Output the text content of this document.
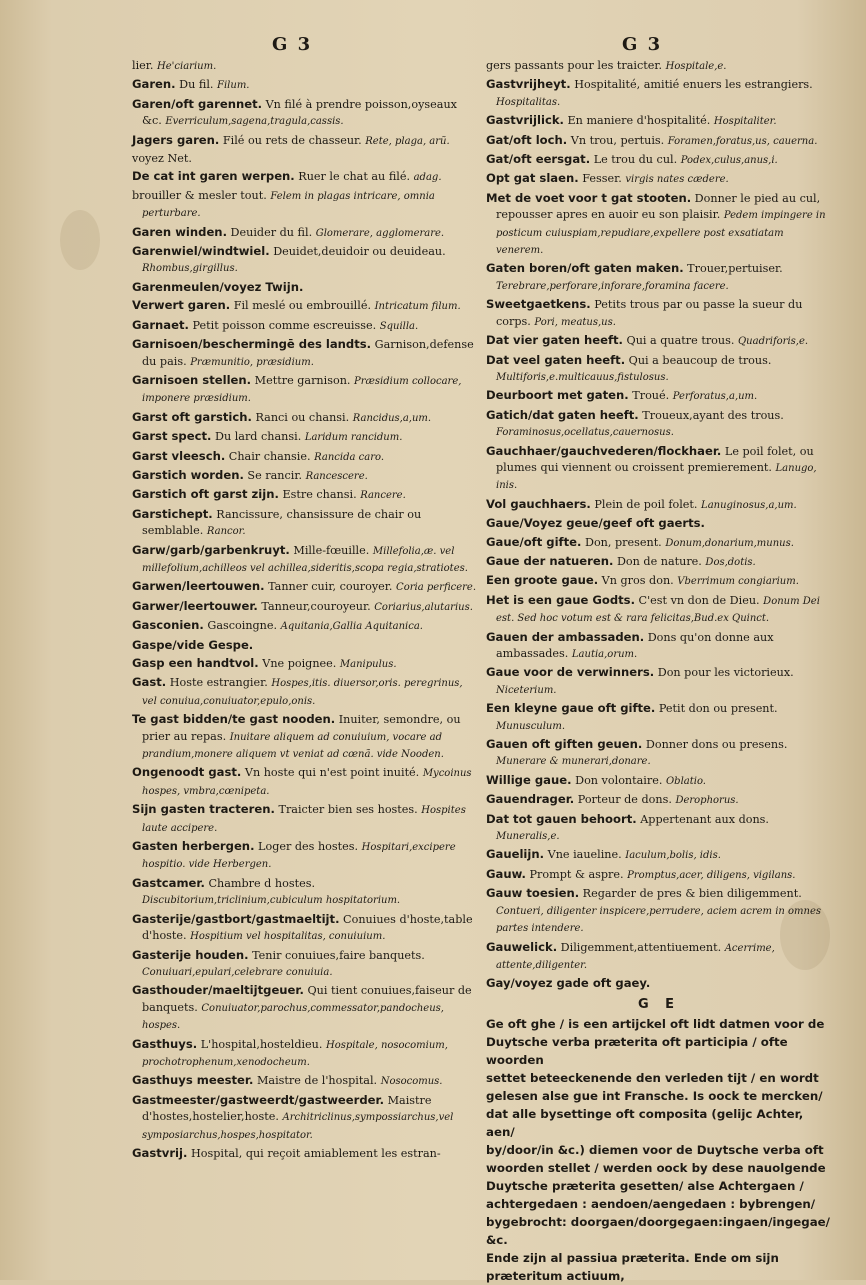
G 3	G 3
lier. He'ciarium.
Garen. Du fil. Filum.
Garen/oft garennet. Vn filé à prendre poisson,oyseaux &c. Everriculum,sagena,tragula,cassis.
Jagers garen. Filé ou rets de chasseur. Rete, plaga, arũ.
voyez Net.
De cat int garen werpen. Ruer le chat au filé. adag.
brouiller & mesler tout. Felem in plagas intricare, omnia perturbare.
Garen winden. Deuider du fil. Glomerare, agglomerare.
Garenwiel/windtwiel. Deuidet,deuidoir ou deuideau. Rhombus,girgillus.
Garenmeulen/voyez Twijn.
Verwert garen. Fil meslé ou embrouillé. Intricatum filum.
Garnaet. Petit poisson comme escreuisse. Squilla.
Garnisoen/beschermingē des landts. Garnison,defense du pais. Præmunitio, præsidium.
Garnisoen stellen. Mettre garnison. Præsidium collocare, imponere præsidium.
Garst oft garstich. Ranci ou chansi. Rancidus,a,um.
Garst spect. Du lard chansi. Laridum rancidum.
Garst vleesch. Chair chansie. Rancida caro.
Garstich worden. Se rancir. Rancescere.
Garstich oft garst zijn. Estre chansi. Rancere.
Garstichept. Rancissure, chansissure de chair ou semblable. Rancor.
Garw/garb/garbenkruyt. Mille-fœuille. Millefolia,æ. vel millefolium,achilleos vel achillea,sideritis,scopa regia,stratiotes.
Garwen/leertouwen. Tanner cuir, couroyer. Coria perficere.
Garwer/leertouwer. Tanneur,couroyeur. Coriarius,alutarius.
Gasconien. Gascoingne. Aquitania,Gallia Aquitanica.
Gaspe/vide Gespe.
Gasp een handtvol. Vne poignee. Manipulus.
Gast. Hoste estrangier. Hospes,itis. diuersor,oris. peregrinus, vel conuiua,conuiuator,epulo,onis.
Te gast bidden/te gast nooden. Inuiter, semondre, ou prier au repas. Inuitare aliquem ad conuiuium, vocare ad prandium,monere aliquem vt veniat ad cœnã. vide Nooden.
Ongenoodt gast. Vn hoste qui n'est point inuité. Mycoinus hospes, vmbra,cœnipeta.
Sijn gasten tracteren. Traicter bien ses hostes. Hospites laute accipere.
Gasten herbergen. Loger des hostes. Hospitari,excipere hospitio. vide Herbergen.
Gastcamer. Chambre d hostes. Discubitorium,triclinium,cubiculum hospitatorium.
Gasterije/gastbort/gastmaeltijt. Conuiues d'hoste,table d'hoste. Hospitium vel hospitalitas, conuiuium.
Gasterije houden. Tenir conuiues,faire banquets. Conuiuari,epulari,celebrare conuiuia.
Gasthouder/maeltijtgeuer. Qui tient conuiues,faiseur de banquets. Conuiuator,parochus,commessator,pandocheus, hospes.
Gasthuys. L'hospital,hosteldieu. Hospitale, nosocomium, prochotrophenum,xenodocheum.
Gasthuys meester. Maistre de l'hospital. Nosocomus.
Gastmeester/gastweerdt/gastweerder. Maistre d'hostes,hostelier,hoste. Architriclinus,sympossiarchus,vel symposiarchus,hospes,hospitator.
Gastvrij. Hospital, qui reçoit amiablement les estran-
gers passants pour les traicter. Hospitale,e.
Gastvrijheyt. Hospitalité, amitié enuers les estrangiers. Hospitalitas.
Gastvrijlick. En maniere d'hospitalité. Hospitaliter.
Gat/oft loch. Vn trou, pertuis. Foramen,foratus,us, cauerna.
Gat/oft eersgat. Le trou du cul. Podex,culus,anus,i.
Opt gat slaen. Fesser. virgis nates cædere.
Met de voet voor t gat stooten. Donner le pied au cul, repousser apres en auoir eu son plaisir. Pedem impingere in posticum cuiuspiam,repudiare,expellere post exsatiatam venerem.
Gaten boren/oft gaten maken. Trouer,pertuiser. Terebrare,perforare,inforare,foramina facere.
Sweetgaetkens. Petits trous par ou passe la sueur du corps. Pori, meatus,us.
Dat vier gaten heeft. Qui a quatre trous. Quadriforis,e.
Dat veel gaten heeft. Qui a beaucoup de trous. Multiforis,e.multicauus,fistulosus.
Deurboort met gaten. Troué. Perforatus,a,um.
Gatich/dat gaten heeft. Troueux,ayant des trous. Foraminosus,ocellatus,cauernosus.
Gauchhaer/gauchvederen/flockhaer. Le poil folet, ou plumes qui viennent ou croissent premierement. Lanugo, inis.
Vol gauchhaers. Plein de poil folet. Lanuginosus,a,um.
Gaue/Voyez geue/geef oft gaerts.
Gaue/oft gifte. Don, present. Donum,donarium,munus.
Gaue der natueren. Don de nature. Dos,dotis.
Een groote gaue. Vn gros don. Vberrimum congiarium.
Het is een gaue Godts. C'est vn don de Dieu. Donum Dei est. Sed hoc votum est & rara felicitas,Bud.ex Quinct.
Gauen der ambassaden. Dons qu'on donne aux ambassades. Lautia,orum.
Gaue voor de verwinners. Don pour les victorieux. Niceterium.
Een kleyne gaue oft gifte. Petit don ou present. Munusculum.
Gauen oft giften geuen. Donner dons ou presens. Munerare & munerari,donare.
Willige gaue. Don volontaire. Oblatio.
Gauendrager. Porteur de dons. Derophorus.
Dat tot gauen behoort. Appertenant aux dons. Muneralis,e.
Gauelijn. Vne iaueline. Iaculum,bolis, idis.
Gauw. Prompt & aspre. Promptus,acer, diligens, vigilans.
Gauw toesien. Regarder de pres & bien diligemment. Contueri, diligenter inspicere,perrudere, aciem acrem in omnes partes intendere.
Gauwelick. Diligemment,attentiuement. Acerrime, attente,diligenter.
Gay/voyez gade oft gaey.
G E
Ge oft ghe / is een artijckel oft lidt datmen voor de
Duytsche verba præterita oft participia / ofte woorden
settet beteeckenende den verleden tijt / en wordt
gelesen alse gue int Fransche. Is oock te mercken/
dat alle bysettinge oft composita (gelijc Achter, aen/
by/door/in &c.) diemen voor de Duytsche verba oft
woorden stellet / werden oock by dese nauolgende
Duytsche præterita gesetten/ alse Achtergaen / achtergedaen : aendoen/aengedaen : bybrengen/ bygebrocht: doorgaen/doorgegaen:ingaen/ingegae/ &c.
Ende zijn al passiua præterita. Ende om sijn præteritum actiuum,
